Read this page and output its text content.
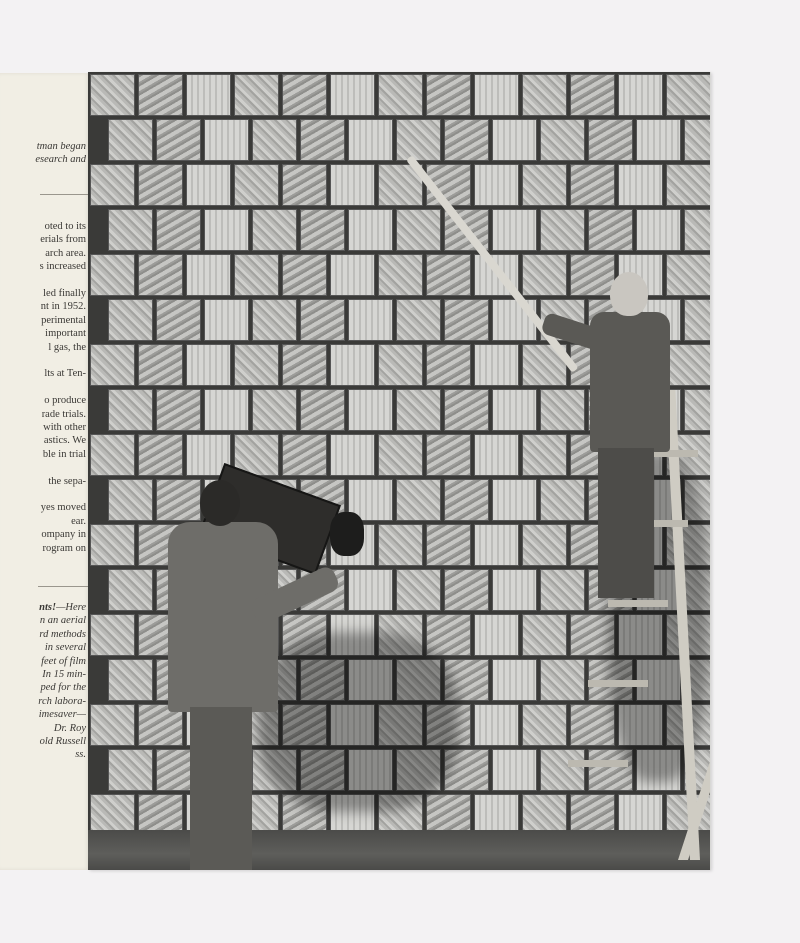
tman began
esearch and
oted to its
erials from
arch area.
s increased
led finally
nt in 1952.
perimental
important
l gas, the
lts at Ten-
o produce
rade trials.
with other
astics. We
ble in trial
the sepa-
yes moved
ear.
ompany in
rogram on
nts!—Here
n an aerial
rd methods
in several
feet of film
In 15 min-
ped for the
rch labora-
imesaver—
Dr. Roy
old Russell
ss.
